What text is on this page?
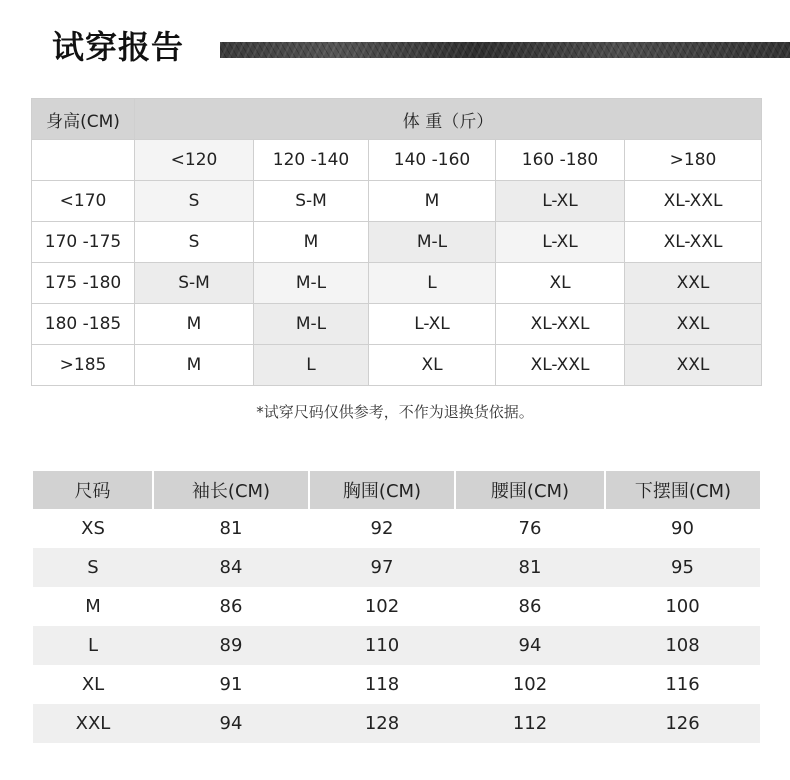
试穿报告
身高(CM)	体 重（斤）				
	<120	120 -140	140 -160	160 -180	>180
<170	S	S-M	M	L-XL	XL-XXL
170 -175	S	M	M-L	L-XL	XL-XXL
175 -180	S-M	M-L	L	XL	XXL
180 -185	M	M-L	L-XL	XL-XXL	XXL
>185	M	L	XL	XL-XXL	XXL
*试穿尺码仅供参考，不作为退换货依据。
尺码	袖长(CM)	胸围(CM)	腰围(CM)	下摆围(CM)
XS	81	92	76	90
S	84	97	81	95
M	86	102	86	100
L	89	110	94	108
XL	91	118	102	116
XXL	94	128	112	126
